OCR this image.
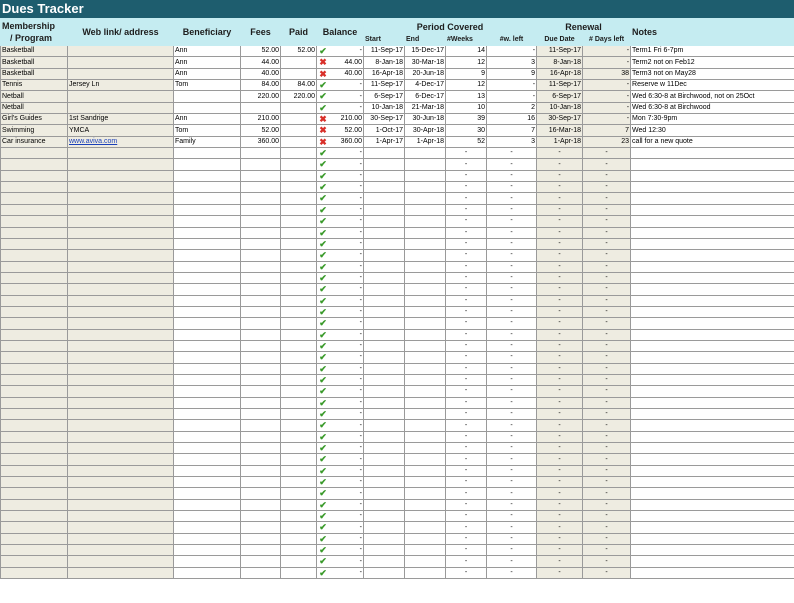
Dues Tracker
Membership
/ Program	Web link/ address	Beneficiary	Fees	Paid	Balance	Period Covered				Renewal		Notes
						Start	End	#Weeks	#w. left	Due Date	# Days left	
Basketball		Ann	52.00	52.00	✔ -	11-Sep-17	15-Dec-17	14	-	11-Sep-17	-	Term1 Fri 6-7pm
Basketball		Ann	44.00		✖ 44.00	8-Jan-18	30-Mar-18	12	3	8-Jan-18	-	Term2 not on Feb12
Basketball		Ann	40.00		✖ 40.00	16-Apr-18	20-Jun-18	9	9	16-Apr-18	38	Term3 not on May28
Tennis	Jersey Ln	Tom	84.00	84.00	✔ -	11-Sep-17	4-Dec-17	12	-	11-Sep-17	-	Reserve w 11Dec
Netball			220.00	220.00	✔ -	6-Sep-17	6-Dec-17	13	-	6-Sep-17	-	Wed 6:30-8 at Birchwood, not on 25Oct
Netball					✔ -	10-Jan-18	21-Mar-18	10	2	10-Jan-18	-	Wed 6:30-8 at Birchwood
Girl's Guides	1st Sandrige	Ann	210.00		✖ 210.00	30-Sep-17	30-Jun-18	39	16	30-Sep-17	-	Mon 7:30-9pm
Swimming	YMCA	Tom	52.00		✖ 52.00	1-Oct-17	30-Apr-18	30	7	16-Mar-18	7	Wed 12:30
Car insurance	www.aviva.com	Family	360.00		✖ 360.00	1-Apr-17	1-Apr-18	52	3	1-Apr-18	23	call for a new quote

					✔ -			-	-	-	-	

					✔ -			-	-	-	-	

					✔ -			-	-	-	-	

					✔ -			-	-	-	-	

					✔ -			-	-	-	-	

					✔ -			-	-	-	-	

					✔ -			-	-	-	-	

					✔ -			-	-	-	-	

					✔ -			-	-	-	-	

					✔ -			-	-	-	-	

					✔ -			-	-	-	-	

					✔ -			-	-	-	-	

					✔ -			-	-	-	-	

					✔ -			-	-	-	-	

					✔ -			-	-	-	-	

					✔ -			-	-	-	-	

					✔ -			-	-	-	-	

					✔ -			-	-	-	-	

					✔ -			-	-	-	-	

					✔ -			-	-	-	-	

					✔ -			-	-	-	-	

					✔ -			-	-	-	-	

					✔ -			-	-	-	-	

					✔ -			-	-	-	-	

					✔ -			-	-	-	-	

					✔ -			-	-	-	-	

					✔ -			-	-	-	-	

					✔ -			-	-	-	-	

					✔ -			-	-	-	-	

					✔ -			-	-	-	-	

					✔ -			-	-	-	-	

					✔ -			-	-	-	-	

					✔ -			-	-	-	-	

					✔ -			-	-	-	-	

					✔ -			-	-	-	-	

					✔ -			-	-	-	-	

					✔ -			-	-	-	-	

					✔ -			-	-	-	-	
